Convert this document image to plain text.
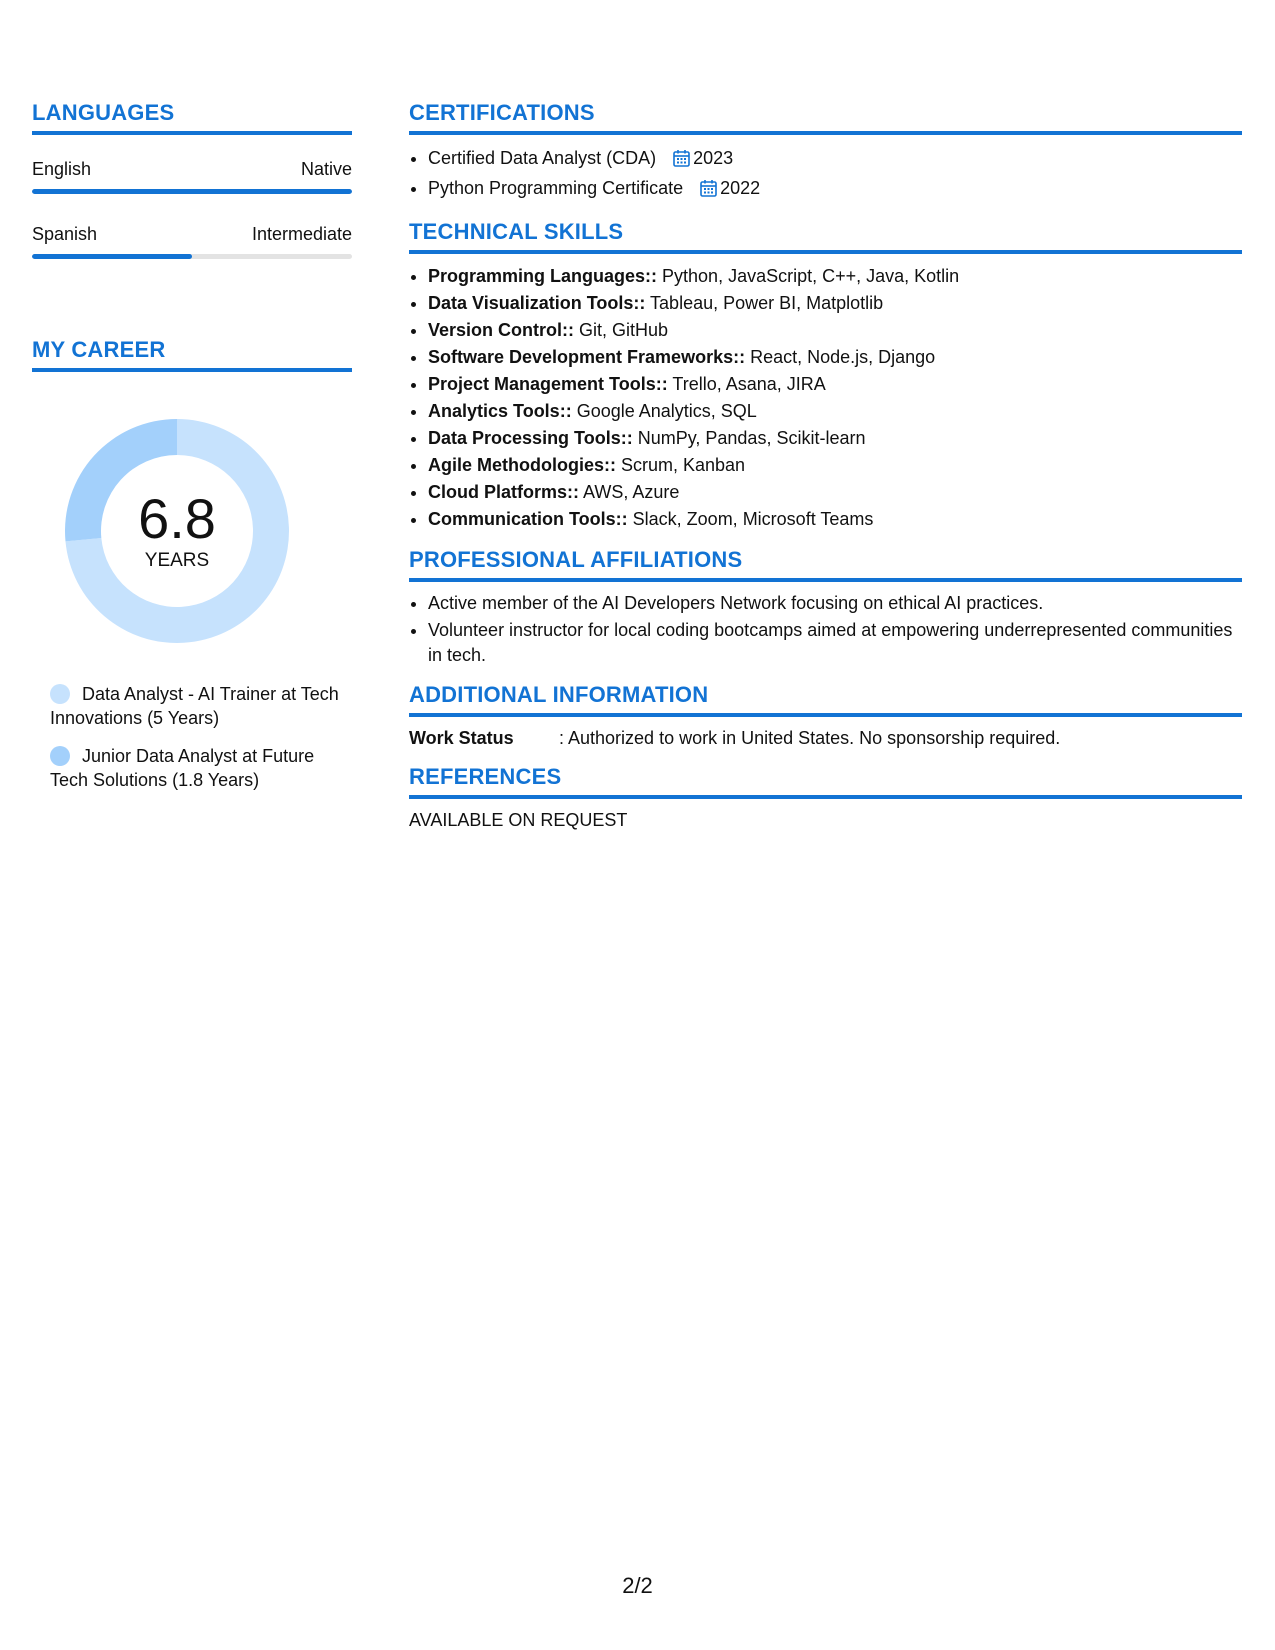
LANGUAGES
English	Native
Spanish	Intermediate
MY CAREER
6.8
YEARS
Data Analyst - AI Trainer at Tech Innovations (5 Years)
Junior Data Analyst at Future Tech Solutions (1.8 Years)
CERTIFICATIONS
• Certified Data Analyst (CDA) 2023
• Python Programming Certificate 2022
TECHNICAL SKILLS
• Programming Languages:: Python, JavaScript, C++, Java, Kotlin
• Data Visualization Tools:: Tableau, Power BI, Matplotlib
• Version Control:: Git, GitHub
• Software Development Frameworks:: React, Node.js, Django
• Project Management Tools:: Trello, Asana, JIRA
• Analytics Tools:: Google Analytics, SQL
• Data Processing Tools:: NumPy, Pandas, Scikit-learn
• Agile Methodologies:: Scrum, Kanban
• Cloud Platforms:: AWS, Azure
• Communication Tools:: Slack, Zoom, Microsoft Teams
PROFESSIONAL AFFILIATIONS
• Active member of the AI Developers Network focusing on ethical AI practices.
• Volunteer instructor for local coding bootcamps aimed at empowering underrepresented communities in tech.
ADDITIONAL INFORMATION
Work Status	: Authorized to work in United States. No sponsorship required.
REFERENCES
AVAILABLE ON REQUEST
2/2
